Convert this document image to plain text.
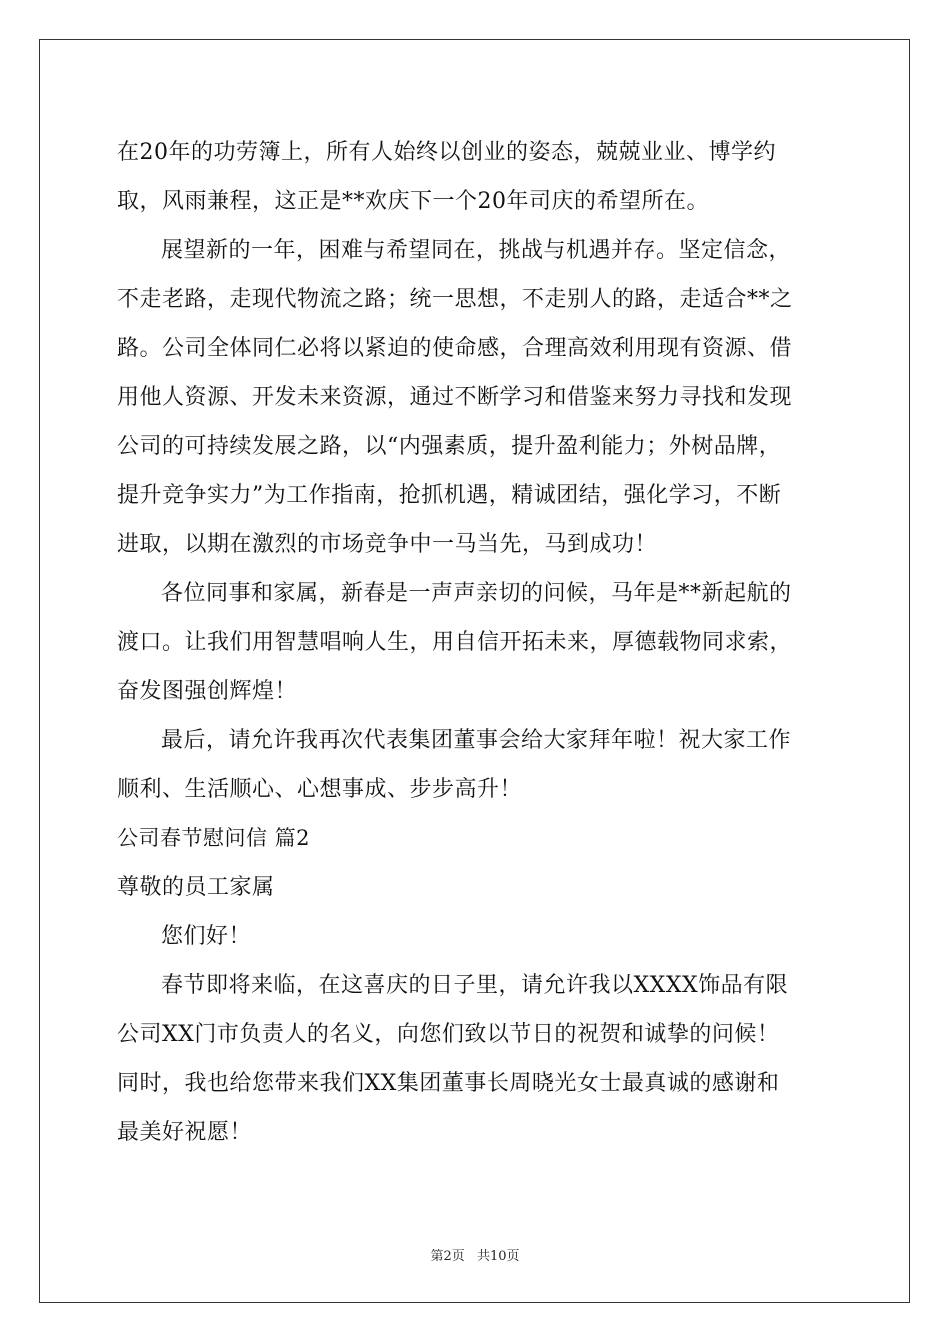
在20年的功劳簿上，所有人始终以创业的姿态，兢兢业业、博学约
取，风雨兼程，这正是**欢庆下一个20年司庆的希望所在。
展望新的一年，困难与希望同在，挑战与机遇并存。坚定信念，
不走老路，走现代物流之路；统一思想，不走别人的路，走适合**之
路。公司全体同仁必将以紧迫的使命感，合理高效利用现有资源、借
用他人资源、开发未来资源，通过不断学习和借鉴来努力寻找和发现
公司的可持续发展之路，以“内强素质，提升盈利能力；外树品牌，
提升竞争实力”为工作指南，抢抓机遇，精诚团结，强化学习，不断
进取，以期在激烈的市场竞争中一马当先，马到成功！
各位同事和家属，新春是一声声亲切的问候，马年是**新起航的
渡口。让我们用智慧唱响人生，用自信开拓未来，厚德载物同求索，
奋发图强创辉煌！
最后，请允许我再次代表集团董事会给大家拜年啦！祝大家工作
顺利、生活顺心、心想事成、步步高升！
公司春节慰问信 篇2
尊敬的员工家属
您们好！
春节即将来临，在这喜庆的日子里，请允许我以XXXX饰品有限
公司XX门市负责人的名义，向您们致以节日的祝贺和诚挚的问候！
同时，我也给您带来我们XX集团董事长周晓光女士最真诚的感谢和
最美好祝愿！
第2页 共10页
